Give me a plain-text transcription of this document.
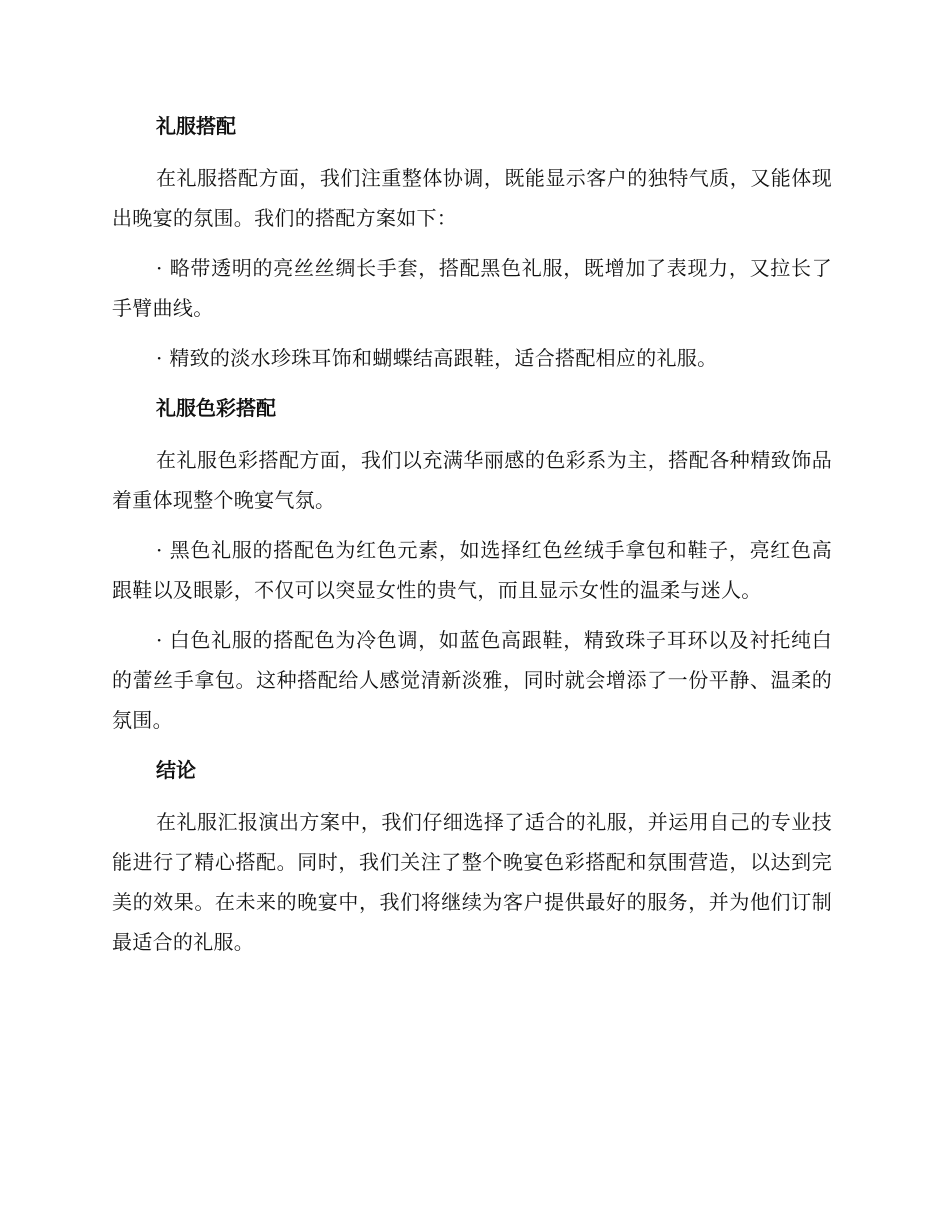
礼服搭配

在礼服搭配方面，我们注重整体协调，既能显示客户的独特气质，又能体现出晚宴的氛围。我们的搭配方案如下：

· 略带透明的亮丝丝绸长手套，搭配黑色礼服，既增加了表现力，又拉长了手臂曲线。

· 精致的淡水珍珠耳饰和蝴蝶结高跟鞋，适合搭配相应的礼服。

礼服色彩搭配

在礼服色彩搭配方面，我们以充满华丽感的色彩系为主，搭配各种精致饰品着重体现整个晚宴气氛。

· 黑色礼服的搭配色为红色元素，如选择红色丝绒手拿包和鞋子，亮红色高跟鞋以及眼影，不仅可以突显女性的贵气，而且显示女性的温柔与迷人。

· 白色礼服的搭配色为冷色调，如蓝色高跟鞋，精致珠子耳环以及衬托纯白的蕾丝手拿包。这种搭配给人感觉清新淡雅，同时就会增添了一份平静、温柔的氛围。

结论

在礼服汇报演出方案中，我们仔细选择了适合的礼服，并运用自己的专业技能进行了精心搭配。同时，我们关注了整个晚宴色彩搭配和氛围营造，以达到完美的效果。在未来的晚宴中，我们将继续为客户提供最好的服务，并为他们订制最适合的礼服。
